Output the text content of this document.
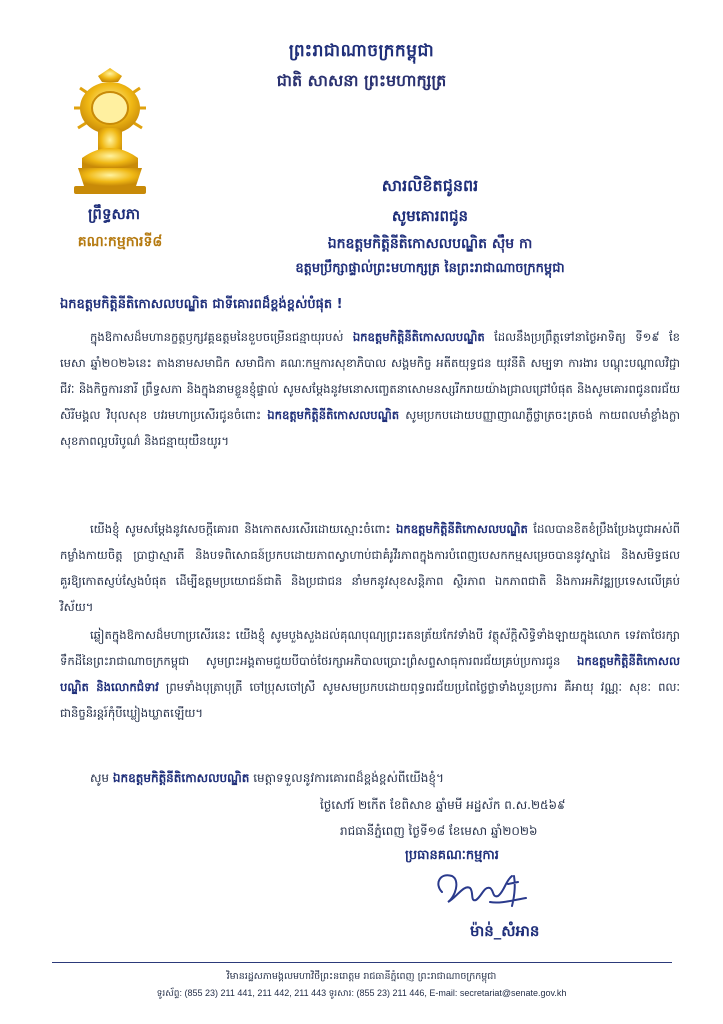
ព្រះរាជាណាចក្រកម្ពុជា
ជាតិ សាសនា ព្រះមហាក្សត្រ
ព្រឹទ្ធសភា
គណៈកម្មការទី៨
សារលិខិតជូនពរ
សូមគោរពជូន
ឯកឧត្តមកិត្តិនីតិកោសលបណ្ឌិត ស៊ឹម កា
ឧត្តមប្រឹក្សាផ្ទាល់ព្រះមហាក្សត្រ នៃព្រះរាជាណាចក្រកម្ពុជា
ឯកឧត្តមកិត្តិនីតិកោសលបណ្ឌិត ជាទីគោរពដ៏ខ្ពង់ខ្ពស់បំផុត !
ក្នុងឱកាសដ៏មហានក្ខត្តឫក្សវគ្គឧត្តមនៃខួបចម្រើនជន្មាយុរបស់ ឯកឧត្តមកិត្តិនីតិកោសលបណ្ឌិត ដែលនឹងប្រព្រឹត្តទៅនាថ្ងៃអាទិត្យ ទី១៩ ខែមេសា ឆ្នាំ២០២៦នេះ តាងនាមសមាជិក សមាជិកា គណៈកម្មការសុខាភិបាល សង្គមកិច្ច អតីតយុទ្ធជន យុវនីតិ សម្បទា ការងារ បណ្តុះបណ្តាលវិជ្ជាជីវៈ និងកិច្ចការនារី ព្រឹទ្ធសភា និងក្នុងនាមខ្លួនខ្ញុំផ្ទាល់ សូមសម្តែងនូវមនោសញ្ចេតនាសោមនស្សរីករាយយ៉ាងជ្រាលជ្រៅបំផុត និងសូមគោរពជូនពរជ័យសិរីមង្គល វិបុលសុខ បវរមហាប្រសើរជូនចំពោះ ឯកឧត្តមកិត្តិនីតិកោសលបណ្ឌិត សូមប្រកបដោយបញ្ញាញាណភ្លឺថ្លាត្រចះត្រចង់ កាយពលមាំខ្លាំងក្លា សុខភាពល្អបរិបូណ៌ និងជន្មាយុយឺនយូរ។
យើងខ្ញុំ សូមសម្តែងនូវសេចក្តីគោរព និងកោតសរសើរដោយស្មោះចំពោះ ឯកឧត្តមកិត្តិនីតិកោសលបណ្ឌិត ដែលបានខិតខំប្រឹងប្រែងបូជាអស់ពីកម្លាំងកាយចិត្ត ប្រាជ្ញាស្មារតី និងបទពិសោធន៍ប្រកបដោយភាពស្វាហាប់ជាគំរូវីរភាពក្នុងការបំពេញបេសកកម្មសម្រេចបាននូវស្នាដៃ និងសមិទ្ធផលគួរឱ្យកោតស្ញប់ស្ញែងបំផុត ដើម្បីឧត្តមប្រយោជន៍ជាតិ និងប្រជាជន នាំមកនូវសុខសន្តិភាព ស្ថិរភាព ឯកភាពជាតិ និងការអភិវឌ្ឍប្រទេសលើគ្រប់វិស័យ។
ឆ្លៀតក្នុងឱកាសដ៏មហាប្រសើរនេះ យើងខ្ញុំ សូមបួងសួងដល់គុណបុណ្យព្រះរតនត្រ័យកែវទាំងបី វត្ថុស័ក្តិសិទ្ធិទាំងឡាយក្នុងលោក ទេវតាថែរក្សាទឹកដីនៃព្រះរាជាណាចក្រកម្ពុជា សូមព្រះអង្គតាមជួយបីបាច់ថែរក្សាអភិបាលប្រោះព្រំសព្ទសាធុការពរជ័យគ្រប់ប្រការជូន ឯកឧត្តមកិត្តិនីតិកោសលបណ្ឌិត និងលោកជំទាវ ព្រមទាំងបុត្រាបុត្រី ចៅប្រុសចៅស្រី សូមសមប្រកបដោយពុទ្ធពរជ័យប្រពៃថ្លៃថ្លាទាំងបួនប្រការ គឺអាយុ វណ្ណៈ សុខៈ ពលៈ ជានិច្ចនិរន្តរ៍កុំបីឃ្លៀងឃ្លាតឡើយ។
សូម ឯកឧត្តមកិត្តិនីតិកោសលបណ្ឌិត មេត្តាទទួលនូវការគោរពដ៏ខ្ពង់ខ្ពស់ពីយើងខ្ញុំ។
ថ្ងៃសៅរ៍ ២កើត ខែពិសាខ ឆ្នាំមមី អដ្ឋស័ក ព.ស.២៥៦៩
រាជធានីភ្នំពេញ ថ្ងៃទី១៨ ខែមេសា ឆ្នាំ២០២៦
ប្រធានគណៈកម្មការ
ម៉ាន់_សំអាន
វិមានរដ្ឋសភាមង្គលមហាវិថីព្រះនរោត្តម រាជធានីភ្នំពេញ ព្រះរាជាណាចក្រកម្ពុជា
ទូរស័ព្ទ: (855 23) 211 441, 211 442, 211 443 ទូរសារ: (855 23) 211 446, E-mail: secretariat@senate.gov.kh
